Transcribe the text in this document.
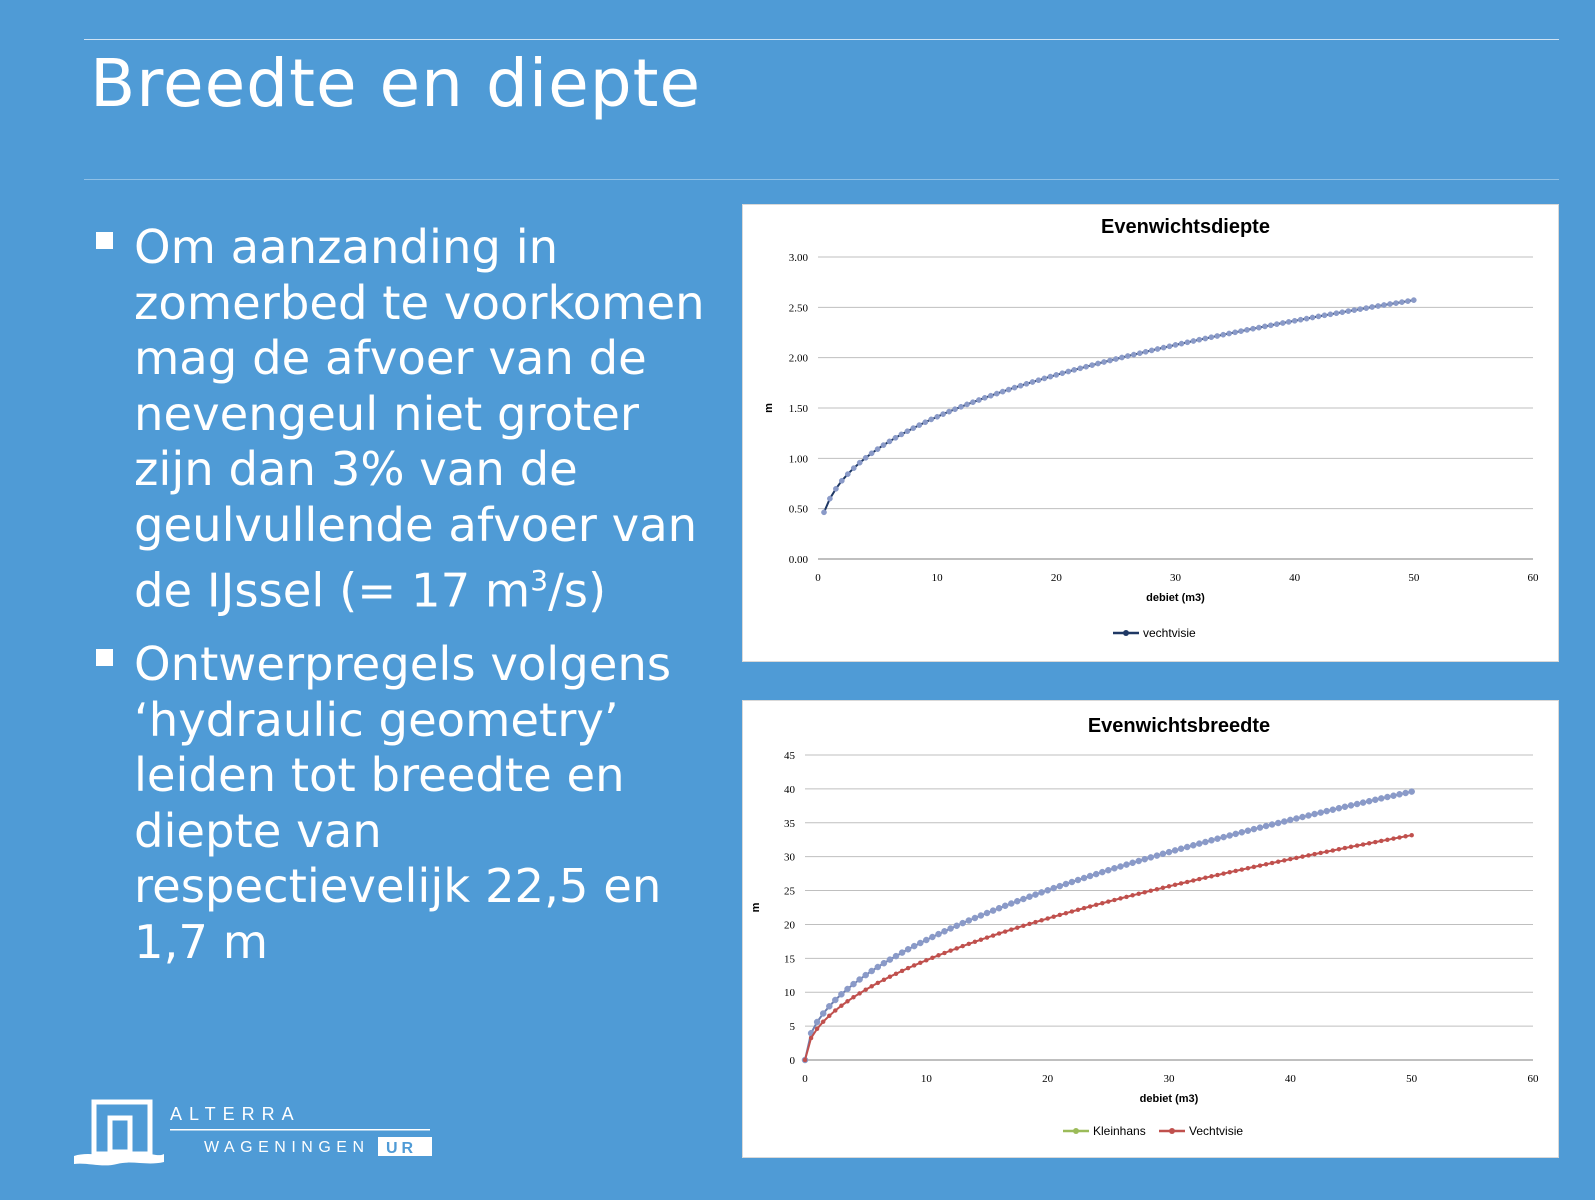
Breedte en diepte
Om aanzanding in zomerbed te voorkomen mag de afvoer van de nevengeul niet groter zijn dan 3% van de geulvullende afvoer van de IJssel (= 17 $m^3/s$)
Ontwerpregels volgens ‘hydraulic geometry’ leiden tot breedte en diepte van respectievelijk 22,5 en 1,7 m
Evenwichtsdiepte
0.00
0.50
1.00
1.50
2.00
2.50
3.00
0	10	20	30	40	50	60
debiet (m3)
m
vechtvisie
Evenwichtsbreedte
0
5
10
15
20
25
30
35
40
45
0	10	20	30	40	50	60
debiet (m3)
m
Kleinhans	Vechtvisie
ALTERRA
WAGENINGEN UR
